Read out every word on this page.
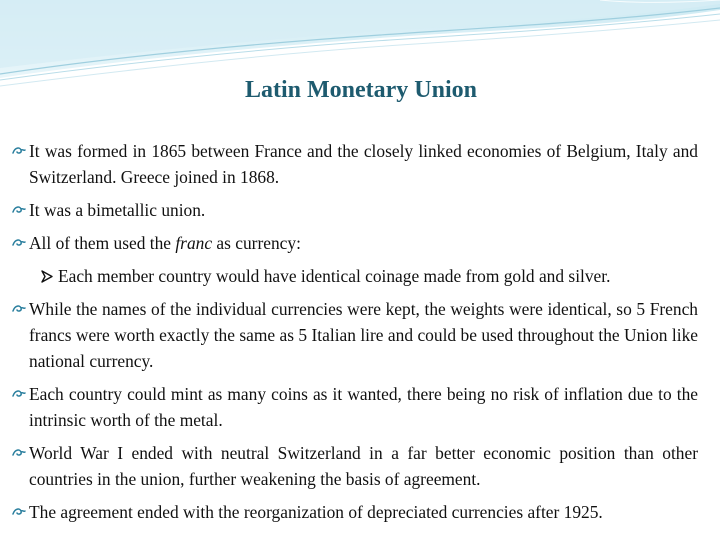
Latin Monetary Union
It was formed in 1865 between France and the closely linked economies of Belgium, Italy and Switzerland. Greece joined in 1868.
It was a bimetallic union.
All of them used the franc as currency:
Each member country would have identical coinage made from gold and silver.
While the names of the individual currencies were kept, the weights were identical, so 5 French francs were worth exactly the same as 5 Italian lire and could be used throughout the Union like national currency.
Each country could mint as many coins as it wanted, there being no risk of inflation due to the intrinsic worth of the metal.
World War I ended with neutral Switzerland in a far better economic position than other countries in the union, further weakening the basis of agreement.
The agreement ended with the reorganization of depreciated currencies after 1925.
